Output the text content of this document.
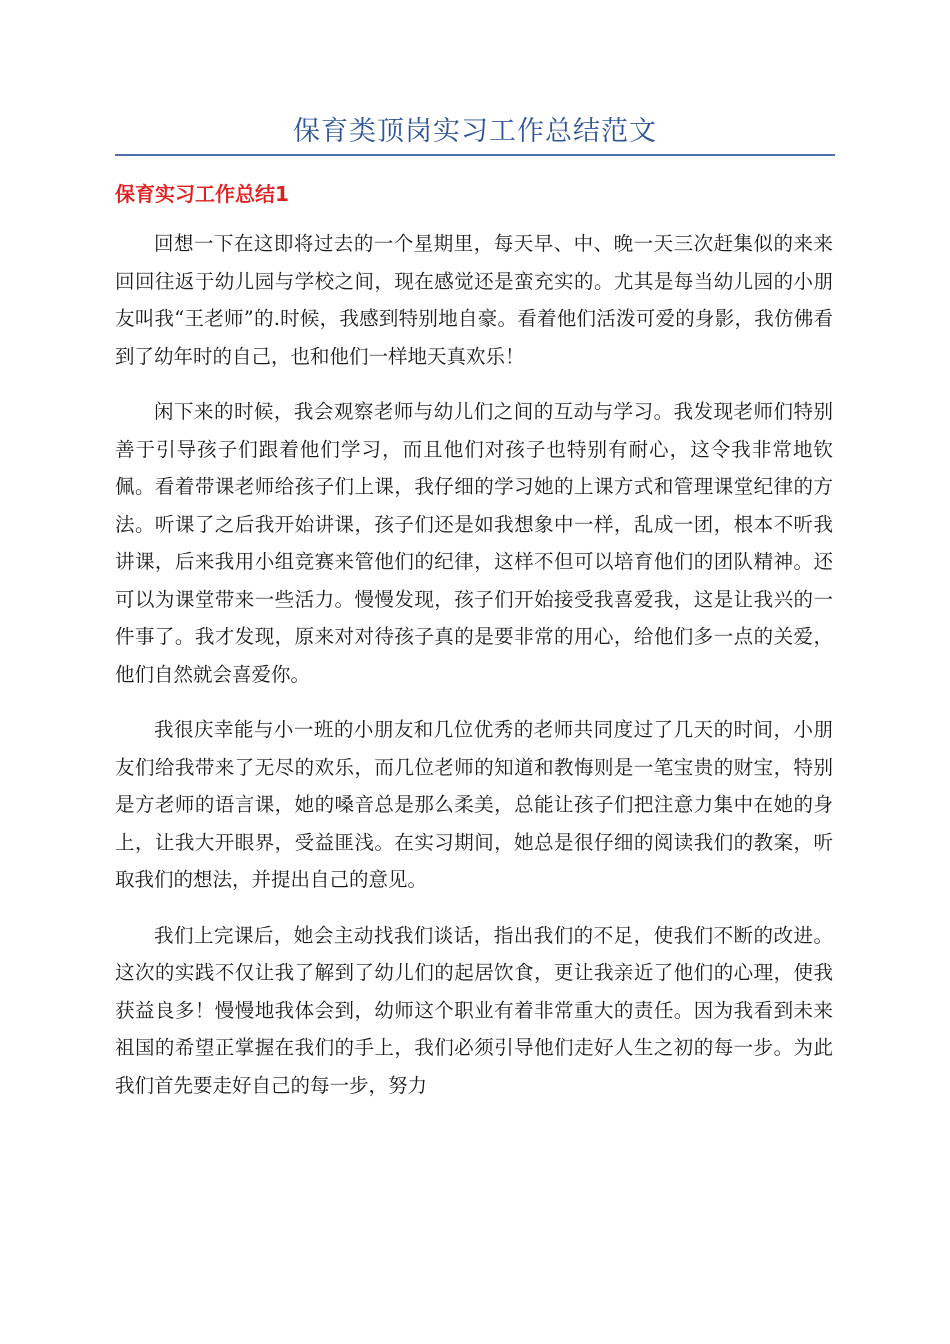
保育类顶岗实习工作总结范文
保育实习工作总结1

回想一下在这即将过去的一个星期里，每天早、中、晚一天三次赶集似的来来回回往返于幼儿园与学校之间，现在感觉还是蛮充实的。尤其是每当幼儿园的小朋友叫我“王老师”的.时候，我感到特别地自豪。看着他们活泼可爱的身影，我仿佛看到了幼年时的自己，也和他们一样地天真欢乐！

闲下来的时候，我会观察老师与幼儿们之间的互动与学习。我发现老师们特别善于引导孩子们跟着他们学习，而且他们对孩子也特别有耐心，这令我非常地钦佩。看着带课老师给孩子们上课，我仔细的学习她的上课方式和管理课堂纪律的方法。听课了之后我开始讲课，孩子们还是如我想象中一样，乱成一团，根本不听我讲课，后来我用小组竞赛来管他们的纪律，这样不但可以培育他们的团队精神。还可以为课堂带来一些活力。慢慢发现，孩子们开始接受我喜爱我，这是让我兴的一件事了。我才发现，原来对对待孩子真的是要非常的用心，给他们多一点的关爱，他们自然就会喜爱你。

我很庆幸能与小一班的小朋友和几位优秀的老师共同度过了几天的时间，小朋友们给我带来了无尽的欢乐，而几位老师的知道和教悔则是一笔宝贵的财宝，特别是方老师的语言课，她的嗓音总是那么柔美，总能让孩子们把注意力集中在她的身上，让我大开眼界，受益匪浅。在实习期间，她总是很仔细的阅读我们的教案，听取我们的想法，并提出自己的意见。

我们上完课后，她会主动找我们谈话，指出我们的不足，使我们不断的改进。这次的实践不仅让我了解到了幼儿们的起居饮食，更让我亲近了他们的心理，使我获益良多！慢慢地我体会到，幼师这个职业有着非常重大的责任。因为我看到未来祖国的希望正掌握在我们的手上，我们必须引导他们走好人生之初的每一步。为此我们首先要走好自己的每一步，努力
